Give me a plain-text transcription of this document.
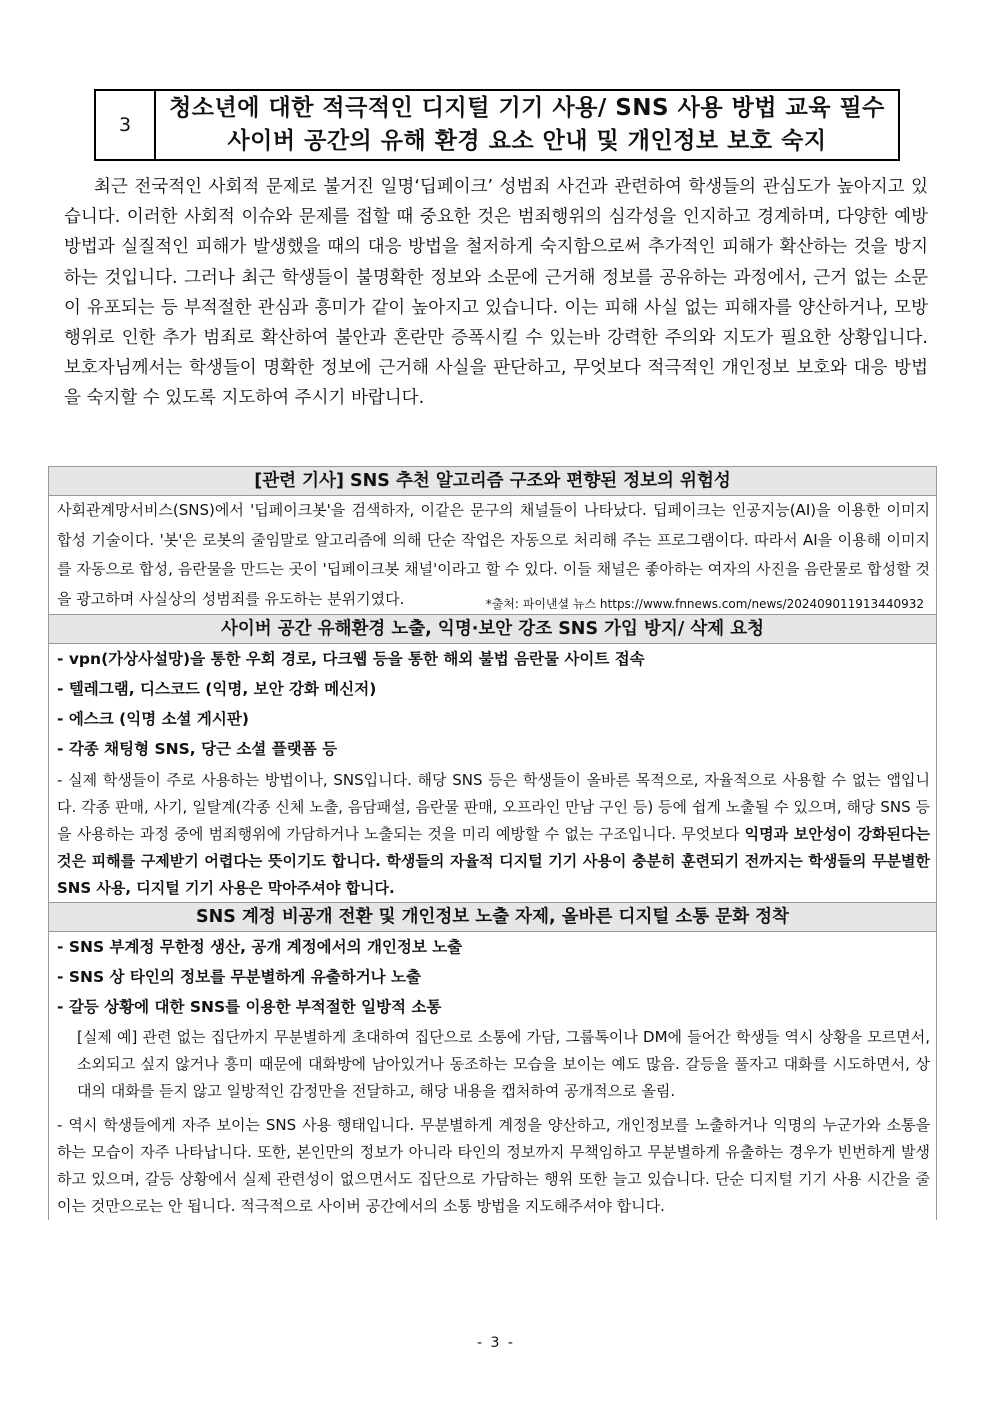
3
청소년에 대한 적극적인 디지털 기기 사용/ SNS 사용 방법 교육 필수
사이버 공간의 유해 환경 요소 안내 및 개인정보 보호 숙지
최근 전국적인 사회적 문제로 불거진 일명‘딥페이크’ 성범죄 사건과 관련하여 학생들의 관심도가 높아지고 있습니다. 이러한 사회적 이슈와 문제를 접할 때 중요한 것은 범죄행위의 심각성을 인지하고 경계하며, 다양한 예방 방법과 실질적인 피해가 발생했을 때의 대응 방법을 철저하게 숙지함으로써 추가적인 피해가 확산하는 것을 방지하는 것입니다. 그러나 최근 학생들이 불명확한 정보와 소문에 근거해 정보를 공유하는 과정에서, 근거 없는 소문이 유포되는 등 부적절한 관심과 흥미가 같이 높아지고 있습니다. 이는 피해 사실 없는 피해자를 양산하거나, 모방행위로 인한 추가 범죄로 확산하여 불안과 혼란만 증폭시킬 수 있는바 강력한 주의와 지도가 필요한 상황입니다. 보호자님께서는 학생들이 명확한 정보에 근거해 사실을 판단하고, 무엇보다 적극적인 개인정보 보호와 대응 방법을 숙지할 수 있도록 지도하여 주시기 바랍니다.
[관련 기사] SNS 추천 알고리즘 구조와 편향된 정보의 위험성
사회관계망서비스(SNS)에서 '딥페이크봇'을 검색하자, 이같은 문구의 채널들이 나타났다. 딥페이크는 인공지능(AI)을 이용한 이미지 합성 기술이다. '봇'은 로봇의 줄임말로 알고리즘에 의해 단순 작업은 자동으로 처리해 주는 프로그램이다. 따라서 AI을 이용해 이미지를 자동으로 합성, 음란물을 만드는 곳이 '딥페이크봇 채널'이라고 할 수 있다. 이들 채널은 좋아하는 여자의 사진을 음란물로 합성할 것을 광고하며 사실상의 성범죄를 유도하는 분위기였다.	*출처: 파이낸셜 뉴스 https://www.fnnews.com/news/202409011913440932
사이버 공간 유해환경 노출, 익명·보안 강조 SNS 가입 방지/ 삭제 요청
- vpn(가상사설망)을 통한 우회 경로, 다크웹 등을 통한 해외 불법 음란물 사이트 접속
- 텔레그램, 디스코드 (익명, 보안 강화 메신저)
- 에스크 (익명 소셜 게시판)
- 각종 채팅형 SNS, 당근 소셜 플랫폼 등
- 실제 학생들이 주로 사용하는 방법이나, SNS입니다. 해당 SNS 등은 학생들이 올바른 목적으로, 자율적으로 사용할 수 없는 앱입니다. 각종 판매, 사기, 일탈계(각종 신체 노출, 음담패설, 음란물 판매, 오프라인 만남 구인 등) 등에 쉽게 노출될 수 있으며, 해당 SNS 등을 사용하는 과정 중에 범죄행위에 가담하거나 노출되는 것을 미리 예방할 수 없는 구조입니다. 무엇보다 익명과 보안성이 강화된다는 것은 피해를 구제받기 어렵다는 뜻이기도 합니다. 학생들의 자율적 디지털 기기 사용이 충분히 훈련되기 전까지는 학생들의 무분별한 SNS 사용, 디지털 기기 사용은 막아주셔야 합니다.
SNS 계정 비공개 전환 및 개인정보 노출 자제, 올바른 디지털 소통 문화 정착
- SNS 부계정 무한정 생산, 공개 계정에서의 개인정보 노출
- SNS 상 타인의 정보를 무분별하게 유출하거나 노출
- 갈등 상황에 대한 SNS를 이용한 부적절한 일방적 소통
[실제 예] 관련 없는 집단까지 무분별하게 초대하여 집단으로 소통에 가담, 그룹톡이나 DM에 들어간 학생들 역시 상황을 모르면서, 소외되고 싶지 않거나 흥미 때문에 대화방에 남아있거나 동조하는 모습을 보이는 예도 많음. 갈등을 풀자고 대화를 시도하면서, 상대의 대화를 듣지 않고 일방적인 감정만을 전달하고, 해당 내용을 캡처하여 공개적으로 올림.
- 역시 학생들에게 자주 보이는 SNS 사용 행태입니다. 무분별하게 계정을 양산하고, 개인정보를 노출하거나 익명의 누군가와 소통을 하는 모습이 자주 나타납니다. 또한, 본인만의 정보가 아니라 타인의 정보까지 무책임하고 무분별하게 유출하는 경우가 빈번하게 발생하고 있으며, 갈등 상황에서 실제 관련성이 없으면서도 집단으로 가담하는 행위 또한 늘고 있습니다. 단순 디지털 기기 사용 시간을 줄이는 것만으로는 안 됩니다. 적극적으로 사이버 공간에서의 소통 방법을 지도해주셔야 합니다.
- 3 -
